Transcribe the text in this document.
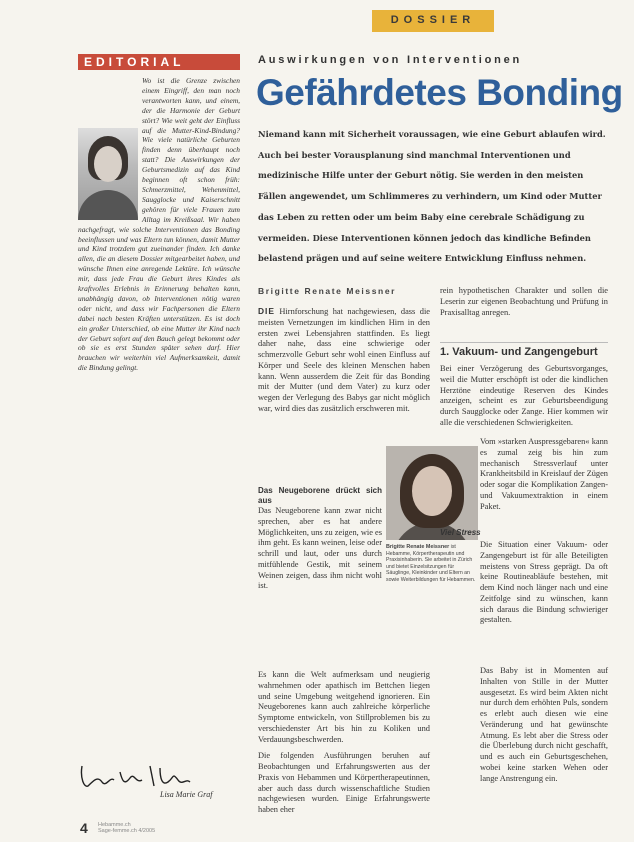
DOSSIER
EDITORIAL
Wo ist die Grenze zwischen einem Eingriff, den man noch verantworten kann, und einem, der die Harmonie der Geburt stört? Wie weit geht der Einfluss auf die Mutter-Kind-Bindung? Wie viele natürliche Geburten finden denn überhaupt noch statt? Die Auswirkungen der Geburtsmedizin auf das Kind beginnen oft schon früh: Schmerzmittel, Wehenmittel, Saugglocke und Kaiserschnitt gehören für viele Frauen zum Alltag im Kreißsaal. Wir haben nachgefragt, wie solche Interventionen das Bonding beeinflussen und was Eltern tun können, damit Mutter und Kind trotzdem gut zueinander finden. Ich danke allen, die an diesem Dossier mitgearbeitet haben, und wünsche Ihnen eine anregende Lektüre. Ich wünsche mir, dass jede Frau die Geburt ihres Kindes als kraftvolles Erlebnis in Erinnerung behalten kann, unabhängig davon, ob Interventionen nötig waren oder nicht, und dass wir Fachpersonen die Eltern dabei nach besten Kräften unterstützen. Es ist doch ein großer Unterschied, ob eine Mutter ihr Kind nach der Geburt sofort auf den Bauch gelegt bekommt oder ob sie es erst Stunden später sehen darf. Hier brauchen wir weiterhin viel Aufmerksamkeit, damit die Bindung gelingt.
Lisa Marie Graf
4 Hebamme.ch
Sage-femme.ch 4/2005
Auswirkungen von Interventionen
Gefährdetes Bonding
Niemand kann mit Sicherheit voraussagen, wie eine Geburt ablaufen wird. Auch bei bester Vorausplanung sind manchmal Interventionen und medizinische Hilfe unter der Geburt nötig. Sie werden in den meisten Fällen angewendet, um Schlimmeres zu verhindern, um Kind oder Mutter das Leben zu retten oder um beim Baby eine cerebrale Schädigung zu vermeiden. Diese Interventionen können jedoch das kindliche Befinden belastend prägen und auf seine weitere Entwicklung Einfluss nehmen.
Brigitte Renate Meissner
DIE Hirnforschung hat nachgewiesen, dass die meisten Vernetzungen im kindlichen Hirn in den ersten zwei Lebensjahren stattfinden. Es liegt daher nahe, dass eine schwierige oder schmerzvolle Geburt sehr wohl einen Einfluss auf Körper und Seele des kleinen Menschen haben kann. Wenn ausserdem die Zeit für das Bonding mit der Mutter (und dem Vater) zu kurz oder wegen der Verlegung des Babys gar nicht möglich war, wird dies das zusätzlich erschweren mit.
Das Neugeborene drückt sich aus
Das Neugeborene kann zwar nicht sprechen, aber es hat andere Möglichkeiten, uns zu zeigen, wie es ihm geht. Es kann weinen, leise oder schrill und laut, oder uns durch mitfühlende Gestik, mit seinem Weinen zeigen, dass ihm nicht wohl ist.
Es kann die Welt aufmerksam und neugierig wahrnehmen oder apathisch im Bettchen liegen und seine Umgebung weitgehend ignorieren. Ein Neugeborenes kann auch zahlreiche körperliche Symptome entwickeln, von Stillproblemen bis zu verschiedenster Art bis hin zu Koliken und Verdauungsbeschwerden.
Die folgenden Ausführungen beruhen auf Beobachtungen und Erfahrungswerten aus der Praxis von Hebammen und Körpertherapeutinnen, aber auch dass durch wissenschaftliche Studien nachgewiesen wurden. Einige Erfahrungswerte haben eher
Brigitte Renate Meissner ist Hebamme, Körpertherapeutin und Praxisinhaberin. Sie arbeitet in Zürich und bietet Einzelsitzungen für Säuglinge, Kleinkinder und Eltern an sowie Weiterbildungen für Hebammen.
rein hypothetischen Charakter und sollen die Leserin zur eigenen Beobachtung und Prüfung in Praxisalltag anregen.
1. Vakuum- und Zangengeburt
Bei einer Verzögerung des Geburtsvorganges, weil die Mutter erschöpft ist oder die kindlichen Herztöne eindeutige Reserven des Kindes anzeigen, scheint es zur Geburtsbeendigung durch Saugglocke oder Zange. Hier kommen wir alle die verschiedenen Schwierigkeiten.
Vom »starken Auspressgebaren« kann es zumal zeig bis hin zum mechanisch Stressverlauf unter Krankheitsbild in Kreislauf der Zügen oder sogar die Komplikation Zangen- und Vakuumextraktion in einem Paket.
Viel Stress
Die Situation einer Vakuum- oder Zangengeburt ist für alle Beteiligten meistens von Stress geprägt. Da oft keine Routineabläufe bestehen, mit dem Kind noch länger nach und eine Zeitfolge sind zu wünschen, kann sich daraus die Bindung schwieriger gestalten.
Das Baby ist in Momenten auf Inhalten von Stille in der Mutter ausgesetzt. Es wird beim Akten nicht nur durch dem erhöhten Puls, sondern es erlebt auch diesen wie eine Veränderung und hat gewünschte Atmung. Es lebt aber die Stress oder die Überlebung durch nicht geschafft, und es auch ein Geburtsgeschehen, wobei keine starken Wehen oder lange Anstrengung ein.
